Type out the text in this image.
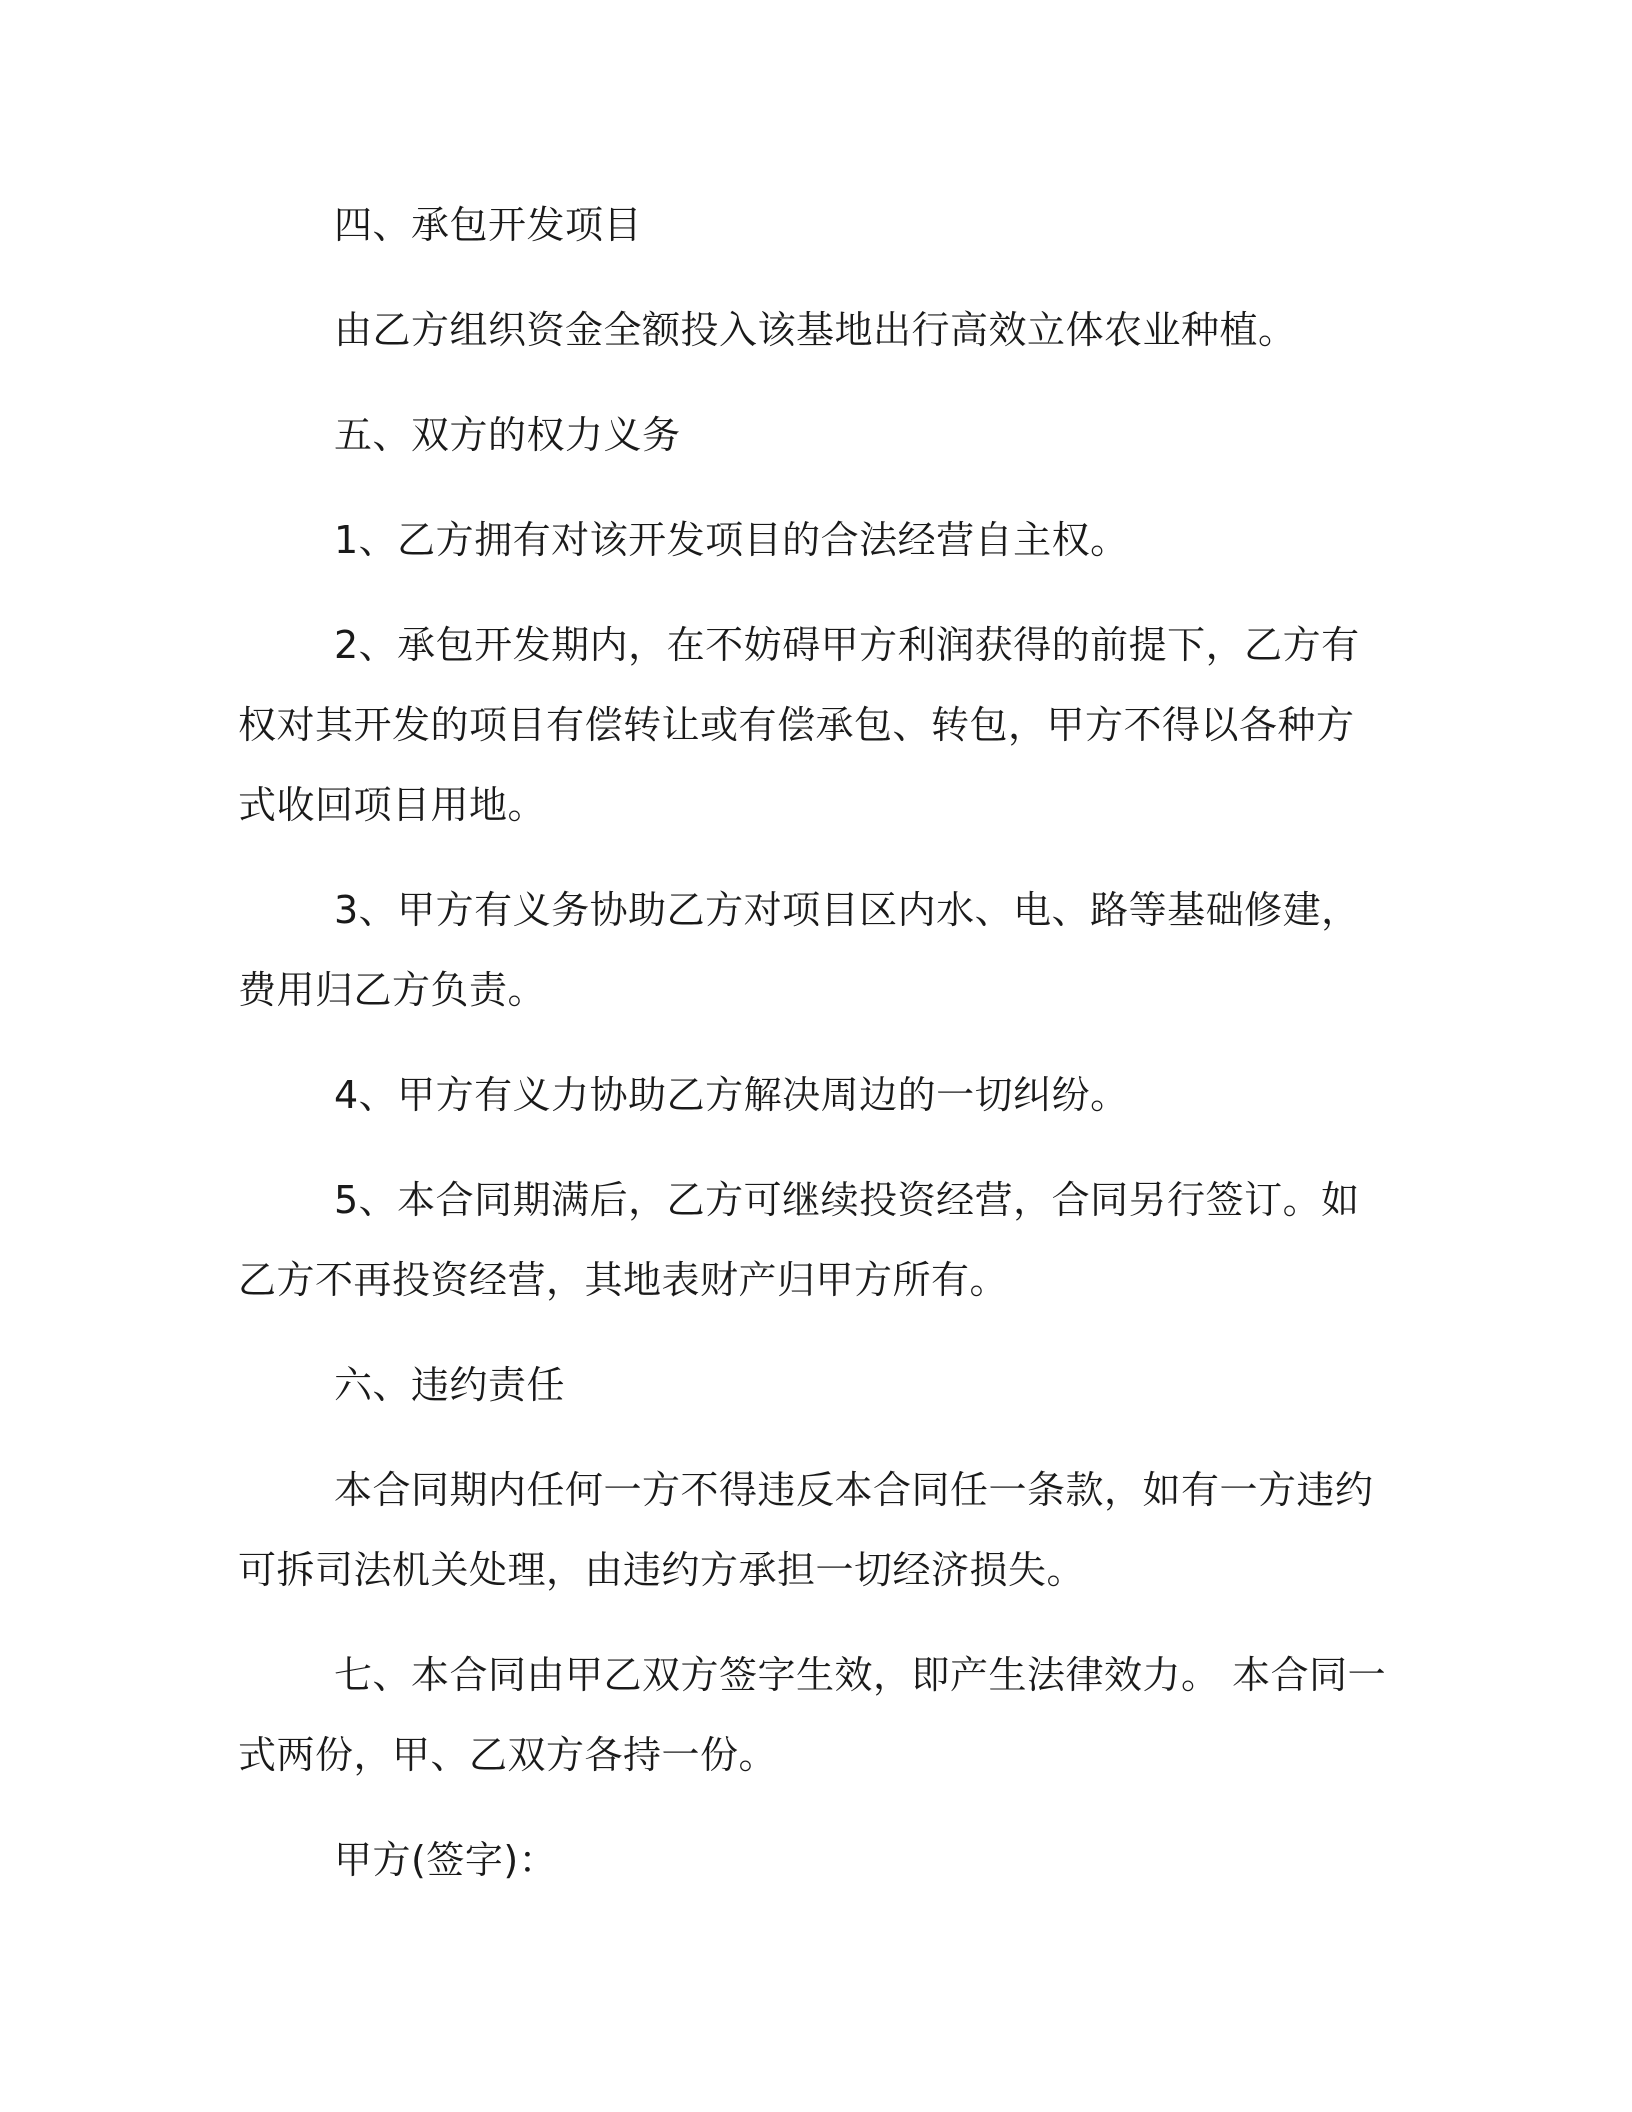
四、承包开发项目

由乙方组织资金全额投入该基地出行高效立体农业种植。

五、双方的权力义务

1、乙方拥有对该开发项目的合法经营自主权。

2、承包开发期内，在不妨碍甲方利润获得的前提下，乙方有权对其开发的项目有偿转让或有偿承包、转包，甲方不得以各种方式收回项目用地。

3、甲方有义务协助乙方对项目区内水、电、路等基础修建，费用归乙方负责。

4、甲方有义力协助乙方解决周边的一切纠纷。

5、本合同期满后，乙方可继续投资经营，合同另行签订。如乙方不再投资经营，其地表财产归甲方所有。

六、违约责任

本合同期内任何一方不得违反本合同任一条款，如有一方违约可拆司法机关处理，由违约方承担一切经济损失。

七、本合同由甲乙双方签字生效，即产生法律效力。 本合同一式两份，甲、乙双方各持一份。

甲方(签字)：
